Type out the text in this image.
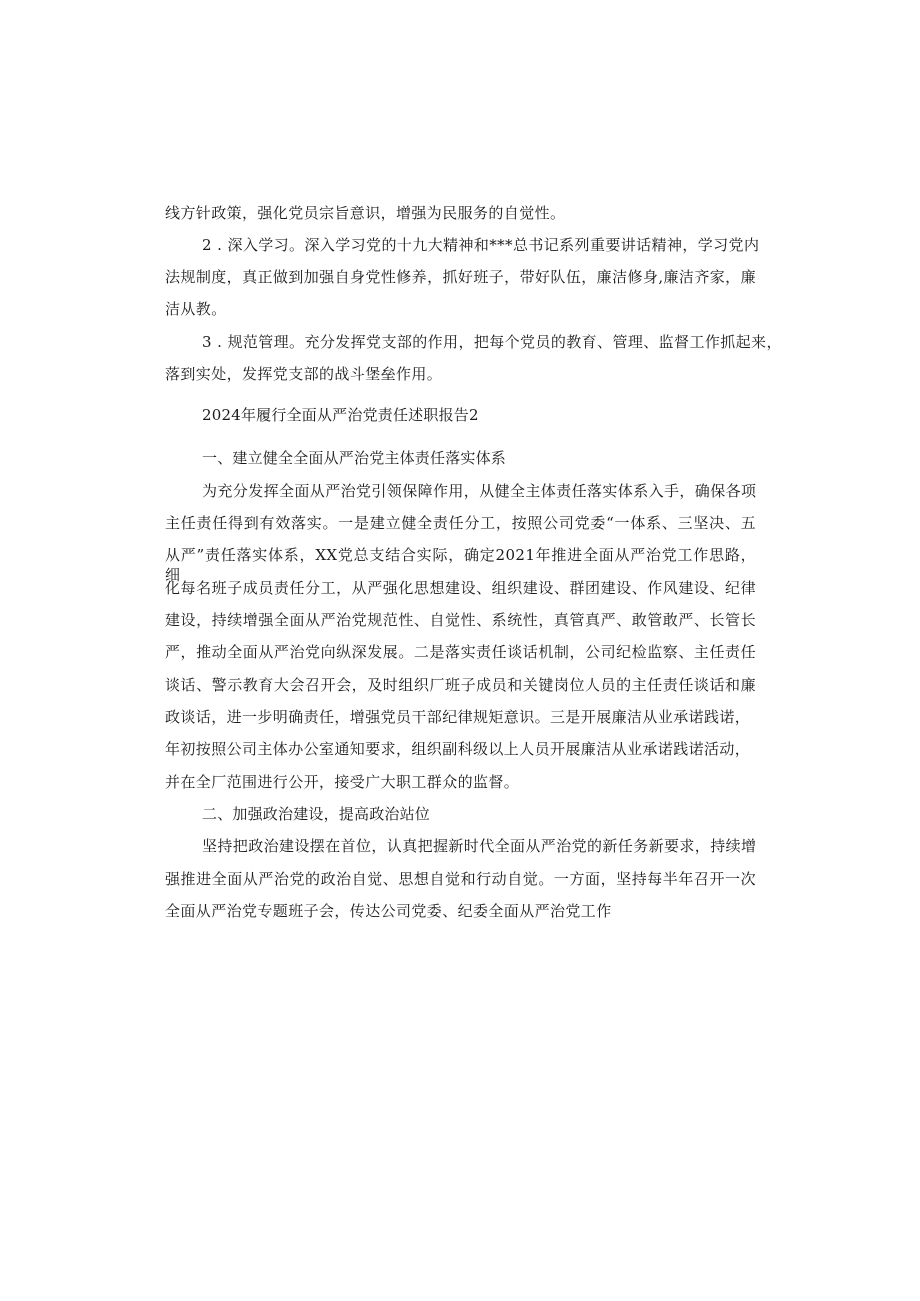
线方针政策，强化党员宗旨意识，增强为民服务的自觉性。
2 . 深入学习。深入学习党的十九大精神和***总书记系列重要讲话精神，学习党内
法规制度，真正做到加强自身党性修养，抓好班子，带好队伍，廉洁修身,廉洁齐家，廉
洁从教。
3 . 规范管理。充分发挥党支部的作用，把每个党员的教育、管理、监督工作抓起来，
落到实处，发挥党支部的战斗堡垒作用。
2024年履行全面从严治党责任述职报告2
一、建立健全全面从严治党主体责任落实体系
为充分发挥全面从严治党引领保障作用，从健全主体责任落实体系入手，确保各项
主任责任得到有效落实。一是建立健全责任分工，按照公司党委“一体系、三坚决、五
从严”责任落实体系，XX党总支结合实际，确定2021年推进全面从严治党工作思路，细
化每名班子成员责任分工，从严强化思想建设、组织建设、群团建设、作风建设、纪律
建设，持续增强全面从严治党规范性、自觉性、系统性，真管真严、敢管敢严、长管长
严，推动全面从严治党向纵深发展。二是落实责任谈话机制，公司纪检监察、主任责任
谈话、警示教育大会召开会，及时组织厂班子成员和关键岗位人员的主任责任谈话和廉
政谈话，进一步明确责任，增强党员干部纪律规矩意识。三是开展廉洁从业承诺践诺，
年初按照公司主体办公室通知要求，组织副科级以上人员开展廉洁从业承诺践诺活动，
并在全厂范围进行公开，接受广大职工群众的监督。
二、加强政治建设，提高政治站位
坚持把政治建设摆在首位，认真把握新时代全面从严治党的新任务新要求，持续增
强推进全面从严治党的政治自觉、思想自觉和行动自觉。一方面，坚持每半年召开一次
全面从严治党专题班子会，传达公司党委、纪委全面从严治党工作
